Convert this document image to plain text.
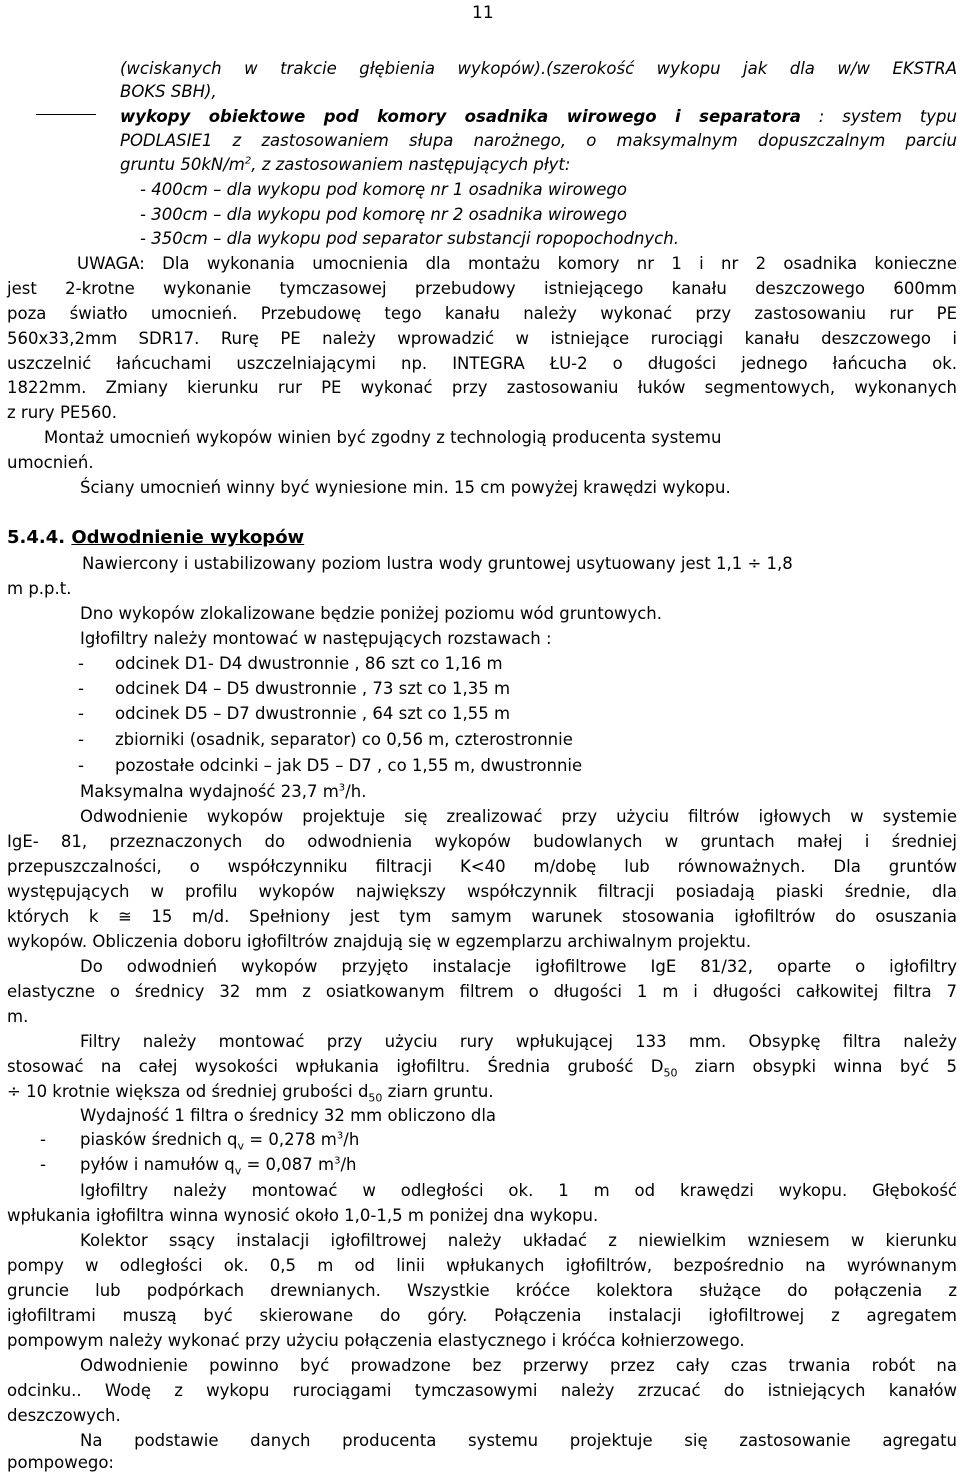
11
(wciskanych w trakcie głębienia wykopów).(szerokość wykopu jak dla w/w EKSTRA
BOKS SBH),
wykopy obiektowe pod komory osadnika wirowego i separatora : system typu
PODLASIE1 z zastosowaniem słupa narożnego, o maksymalnym dopuszczalnym parciu
gruntu $50kN/m^2$, z zastosowaniem następujących płyt:
- 400cm – dla wykopu pod komorę nr 1 osadnika wirowego
- 300cm – dla wykopu pod komorę nr 2 osadnika wirowego
- 350cm – dla wykopu pod separator substancji ropopochodnych.
UWAGA: Dla wykonania umocnienia dla montażu komory nr 1 i nr 2 osadnika konieczne
jest 2-krotne wykonanie tymczasowej przebudowy istniejącego kanału deszczowego 600mm
poza światło umocnień. Przebudowę tego kanału należy wykonać przy zastosowaniu rur PE
560x33,2mm SDR17. Rurę PE należy wprowadzić w istniejące rurociągi kanału deszczowego i
uszczelnić łańcuchami uszczelniającymi np. INTEGRA ŁU-2 o długości jednego łańcucha ok.
1822mm. Zmiany kierunku rur PE wykonać przy zastosowaniu łuków segmentowych, wykonanych
z rury PE560.
Montaż umocnień wykopów winien być zgodny z technologią producenta systemu
umocnień.
Ściany umocnień winny być wyniesione min. 15 cm powyżej krawędzi wykopu.
5.4.4. Odwodnienie wykopów
Nawiercony i ustabilizowany poziom lustra wody gruntowej usytuowany jest 1,1 ÷ 1,8
m p.p.t.
Dno wykopów zlokalizowane będzie poniżej poziomu wód gruntowych.
Igłofiltry należy montować w następujących rozstawach :
- odcinek D1- D4 dwustronnie , 86 szt co 1,16 m
- odcinek D4 – D5 dwustronnie , 73 szt co 1,35 m
- odcinek D5 – D7 dwustronnie , 64 szt co 1,55 m
- zbiorniki (osadnik, separator) co 0,56 m, czterostronnie
- pozostałe odcinki – jak D5 – D7 , co 1,55 m, dwustronnie
Maksymalna wydajność 23,7 $m^3/h$.
Odwodnienie wykopów projektuje się zrealizować przy użyciu filtrów igłowych w systemie
IgE- 81, przeznaczonych do odwodnienia wykopów budowlanych w gruntach małej i średniej
przepuszczalności, o współczynniku filtracji K<40 m/dobę lub równoważnych. Dla gruntów
występujących w profilu wykopów największy współczynnik filtracji posiadają piaski średnie, dla
których k ≅ 15 m/d. Spełniony jest tym samym warunek stosowania igłofiltrów do osuszania
wykopów. Obliczenia doboru igłofiltrów znajdują się w egzemplarzu archiwalnym projektu.
Do odwodnień wykopów przyjęto instalacje igłofiltrowe IgE 81/32, oparte o igłofiltry
elastyczne o średnicy 32 mm z osiatkowanym filtrem o długości 1 m i długości całkowitej filtra 7
m.
Filtry należy montować przy użyciu rury wpłukującej 133 mm. Obsypkę filtra należy
stosować na całej wysokości wpłukania igłofiltru. Średnia grubość $D_{50}$ ziarn obsypki winna być 5
÷ 10 krotnie większa od średniej grubości $d_{50}$ ziarn gruntu.
Wydajność 1 filtra o średnicy 32 mm obliczono dla
- piasków średnich $q_v = 0,278$ $m^3/h$
- pyłów i namułów $q_v = 0,087$ $m^3/h$
Igłofiltry należy montować w odległości ok. 1 m od krawędzi wykopu. Głębokość
wpłukania igłofiltra winna wynosić około 1,0-1,5 m poniżej dna wykopu.
Kolektor ssący instalacji igłofiltrowej należy układać z niewielkim wzniesem w kierunku
pompy w odległości ok. 0,5 m od linii wpłukanych igłofiltrów, bezpośrednio na wyrównanym
gruncie lub podpórkach drewnianych. Wszystkie króćce kolektora służące do połączenia z
igłofiltrami muszą być skierowane do góry. Połączenia instalacji igłofiltrowej z agregatem
pompowym należy wykonać przy użyciu połączenia elastycznego i króćca kołnierzowego.
Odwodnienie powinno być prowadzone bez przerwy przez cały czas trwania robót na
odcinku.. Wodę z wykopu rurociągami tymczasowymi należy zrzucać do istniejących kanałów
deszczowych.
Na podstawie danych producenta systemu projektuje się zastosowanie agregatu
pompowego:
